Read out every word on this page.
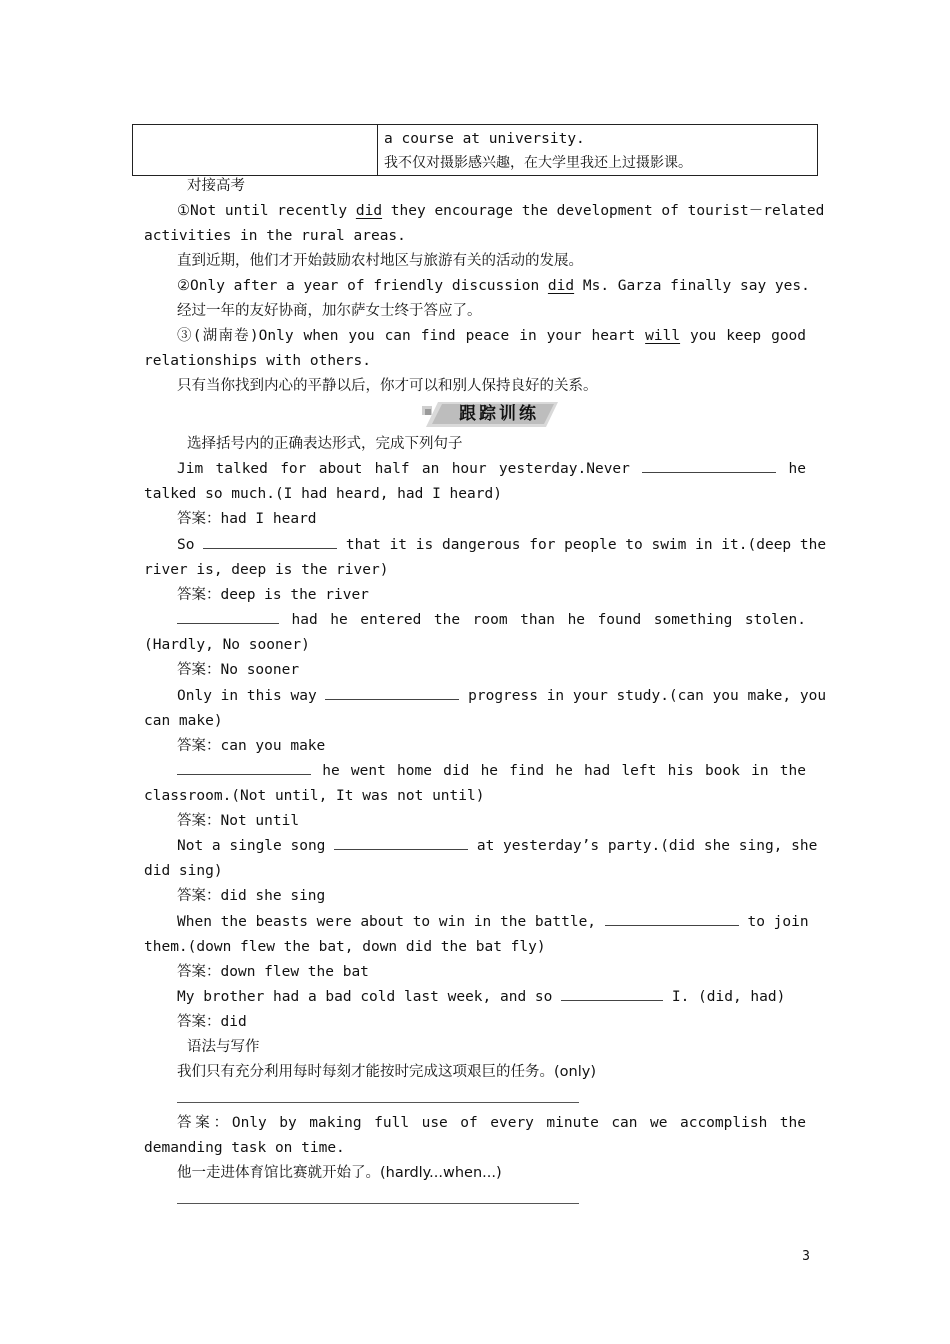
a course at university.
我不仅对摄影感兴趣，在大学里我还上过摄影课。
对接高考
①Not until recently did they encourage the development of tourist－related
activities in the rural areas.
直到近期，他们才开始鼓励农村地区与旅游有关的活动的发展。
②Only after a year of friendly discussion did Ms. Garza finally say yes.
经过一年的友好协商，加尔萨女士终于答应了。
③(湖南卷)Only when you can find peace in your heart will you keep good
relationships with others.
只有当你找到内心的平静以后，你才可以和别人保持良好的关系。
跟踪训练
选择括号内的正确表达形式，完成下列句子
Jim talked for about half an hour yesterday.Never	he
talked so much.(I had heard, had I heard)
答案：had I heard
So	that it is dangerous for people to swim in it.(deep the
river is, deep is the river)
答案：deep is the river
had he entered the room than he found something stolen.
(Hardly, No sooner)
答案：No sooner
Only in this way	progress in your study.(can you make, you
can make)
答案：can you make
he went home did he find he had left his book in the
classroom.(Not until, It was not until)
答案：Not until
Not a single song	at yesterday’s party.(did she sing, she
did sing)
答案：did she sing
When the beasts were about to win in the battle,	to join
them.(down flew the bat, down did the bat fly)
答案：down flew the bat
My brother had a bad cold last week, and so	I. (did, had)
答案：did
语法与写作
我们只有充分利用每时每刻才能按时完成这项艰巨的任务。(only)
答案：Only by making full use of every minute can we accomplish the
demanding task on time.
他一走进体育馆比赛就开始了。(hardly...when...)
3
